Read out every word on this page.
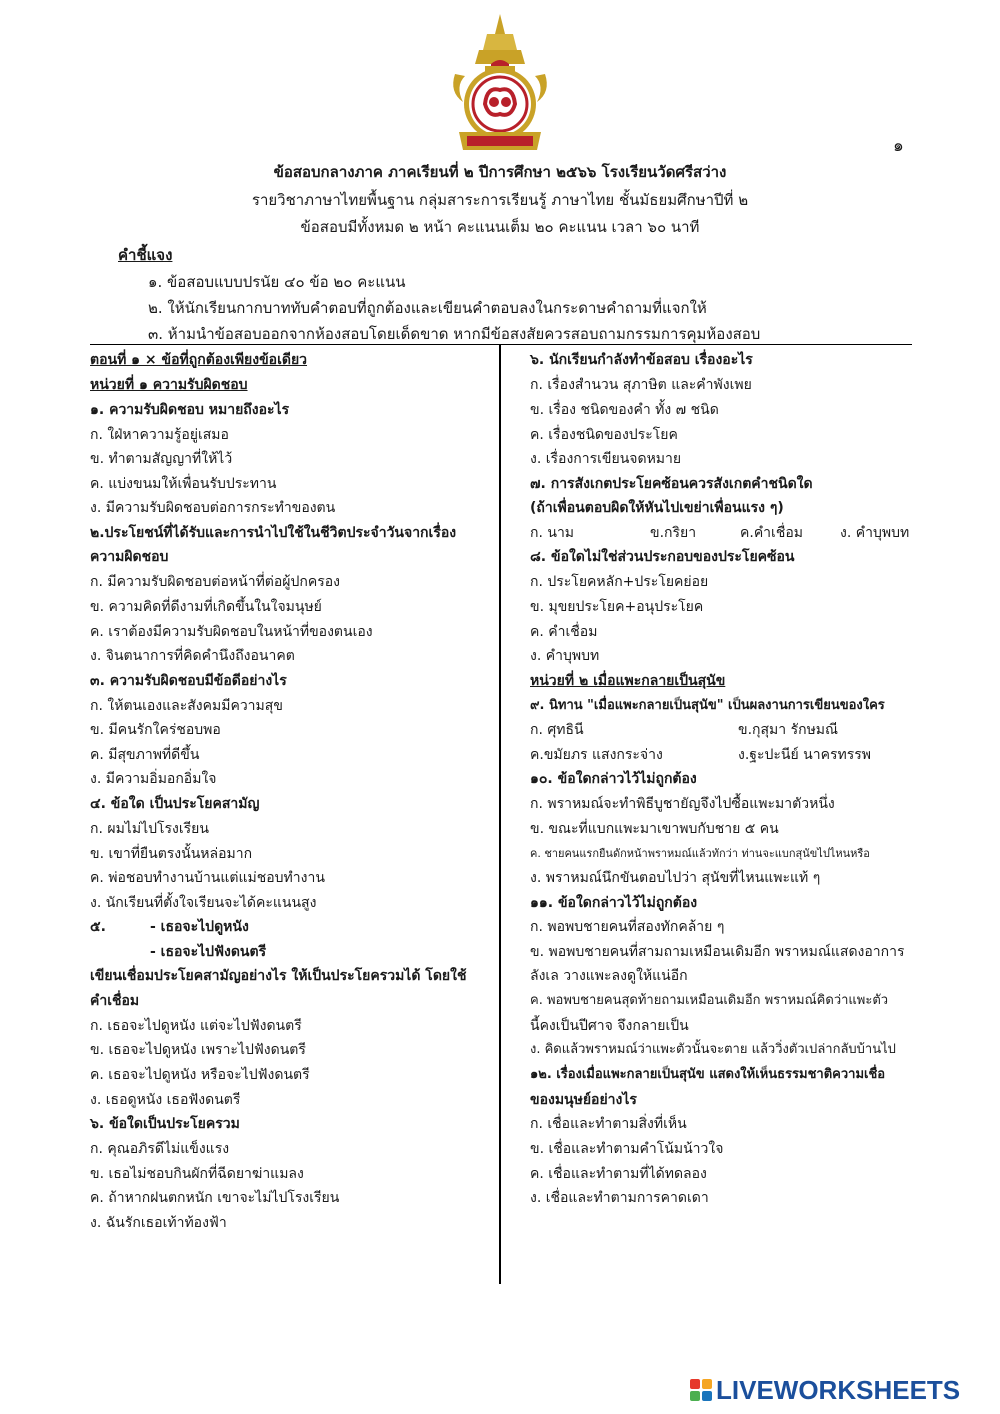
๑
ข้อสอบกลางภาค ภาคเรียนที่ ๒ ปีการศึกษา ๒๕๖๖ โรงเรียนวัดศรีสว่าง
รายวิชาภาษาไทยพื้นฐาน กลุ่มสาระการเรียนรู้ ภาษาไทย ชั้นมัธยมศึกษาปีที่ ๒
ข้อสอบมีทั้งหมด ๒ หน้า คะแนนเต็ม ๒๐ คะแนน เวลา ๖๐ นาที
คำชี้แจง
๑. ข้อสอบแบบปรนัย ๔๐ ข้อ ๒๐ คะแนน
๒. ให้นักเรียนกากบาททับคำตอบที่ถูกต้องและเขียนคำตอบลงในกระดาษคำถามที่แจกให้
๓. ห้ามนำข้อสอบออกจากห้องสอบโดยเด็ดขาด หากมีข้อสงสัยควรสอบถามกรรมการคุมห้องสอบ
ตอนที่ ๑ × ข้อที่ถูกต้องเพียงข้อเดียว
หน่วยที่ ๑ ความรับผิดชอบ
๑. ความรับผิดชอบ หมายถึงอะไร
ก. ใฝ่หาความรู้อยู่เสมอ
ข. ทำตามสัญญาที่ให้ไว้
ค. แบ่งขนมให้เพื่อนรับประทาน
ง. มีความรับผิดชอบต่อการกระทำของตน
๒.ประโยชน์ที่ได้รับและการนำไปใช้ในชีวิตประจำวันจากเรื่อง
ความผิดชอบ
ก. มีความรับผิดชอบต่อหน้าที่ต่อผู้ปกครอง
ข. ความคิดที่ดีงามที่เกิดขึ้นในใจมนุษย์
ค. เราต้องมีความรับผิดชอบในหน้าที่ของตนเอง
ง. จินตนาการที่คิดคำนึงถึงอนาคต
๓. ความรับผิดชอบมีข้อดีอย่างไร
ก. ให้ตนเองและสังคมมีความสุข
ข. มีคนรักใคร่ชอบพอ
ค. มีสุขภาพที่ดีขึ้น
ง. มีความอิ่มอกอิ่มใจ
๔. ข้อใด เป็นประโยคสามัญ
ก. ผมไม่ไปโรงเรียน
ข. เขาที่ยืนตรงนั้นหล่อมาก
ค. พ่อชอบทำงานบ้านแต่แม่ชอบทำงาน
ง. นักเรียนที่ตั้งใจเรียนจะได้คะแนนสูง
๕.	- เธอจะไปดูหนัง
- เธอจะไปฟังดนตรี
เขียนเชื่อมประโยคสามัญอย่างไร ให้เป็นประโยครวมได้ โดยใช้
คำเชื่อม
ก. เธอจะไปดูหนัง แต่จะไปฟังดนตรี
ข. เธอจะไปดูหนัง เพราะไปฟังดนตรี
ค. เธอจะไปดูหนัง หรือจะไปฟังดนตรี
ง. เธอดูหนัง เธอฟังดนตรี
๖. ข้อใดเป็นประโยครวม
ก. คุณอภิรดีไม่แข็งแรง
ข. เธอไม่ชอบกินผักที่ฉีดยาฆ่าแมลง
ค. ถ้าหากฝนตกหนัก เขาจะไม่ไปโรงเรียน
ง. ฉันรักเธอเท้าท้องฟ้า
๖. นักเรียนกำลังทำข้อสอบ เรื่องอะไร
ก. เรื่องสำนวน สุภาษิต และคำพังเพย
ข. เรื่อง ชนิดของคำ ทั้ง ๗ ชนิด
ค. เรื่องชนิดของประโยค
ง. เรื่องการเขียนจดหมาย
๗. การสังเกตประโยคซ้อนควรสังเกตคำชนิดใด
(ถ้าเพื่อนตอบผิดให้หันไปเขย่าเพื่อนแรง ๆ)
ก. นาม	ข.กริยา	ค.คำเชื่อม	ง. คำบุพบท
๘. ข้อใดไม่ใช่ส่วนประกอบของประโยคซ้อน
ก. ประโยคหลัก+ประโยคย่อย
ข. มุขยประโยค+อนุประโยค
ค. คำเชื่อม
ง. คำบุพบท
หน่วยที่ ๒ เมื่อแพะกลายเป็นสุนัข
๙. นิทาน "เมื่อแพะกลายเป็นสุนัข" เป็นผลงานการเขียนของใคร
ก. ศุทธินี	ข.กุสุมา รักษมณี
ค.ขมัยภร แสงกระจ่าง	ง.ฐะปะนีย์ นาครทรรพ
๑๐. ข้อใดกล่าวไว้ไม่ถูกต้อง
ก. พราหมณ์จะทำพิธีบูชายัญจึงไปซื้อแพะมาตัวหนึ่ง
ข. ขณะที่แบกแพะมาเขาพบกับชาย ๕ คน
ค. ชายคนแรกยืนดักหน้าพราหมณ์แล้วทักว่า ท่านจะแบกสุนัขไปไหนหรือ
ง. พราหมณ์นึกขันตอบไปว่า สุนัขที่ไหนแพะแท้ ๆ
๑๑. ข้อใดกล่าวไว้ไม่ถูกต้อง
ก. พอพบชายคนที่สองทักคล้าย ๆ
ข. พอพบชายคนที่สามถามเหมือนเดิมอีก พราหมณ์แสดงอาการ
ลังเล วางแพะลงดูให้แน่อีก
ค. พอพบชายคนสุดท้ายถามเหมือนเดิมอีก พราหมณ์คิดว่าแพะตัว
นี้คงเป็นปีศาจ จึงกลายเป็น
ง. คิดแล้วพราหมณ์ว่าแพะตัวนั้นจะตาย แล้ววิ่งตัวเปล่ากลับบ้านไป
๑๒. เรื่องเมื่อแพะกลายเป็นสุนัข แสดงให้เห็นธรรมชาติความเชื่อ
ของมนุษย์อย่างไร
ก. เชื่อและทำตามสิ่งที่เห็น
ข. เชื่อและทำตามคำโน้มน้าวใจ
ค. เชื่อและทำตามที่ได้ทดลอง
ง. เชื่อและทำตามการคาดเดา
LIVEWORKSHEETS
